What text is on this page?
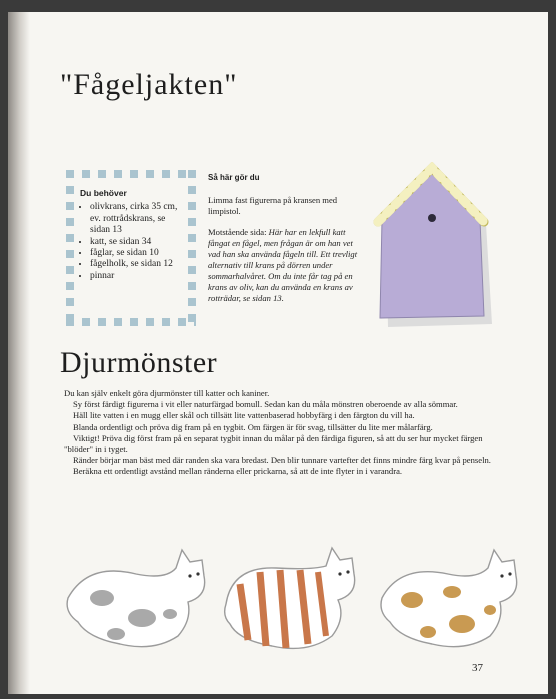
"Fågeljakten"
Du behöver
• olivkrans, cirka 35 cm, ev. rottrådskrans, se sidan 13
• katt, se sidan 34
• fåglar, se sidan 10
• fågelholk, se sidan 12
• pinnar
Så här gör du

Limma fast figurerna på kransen med limpistol.

Motstående sida: Här har en lekfull katt fångat en fågel, men frågan är om han vet vad han ska använda fågeln till. Ett trevligt alternativ till krans på dörren under sommarhalvåret. Om du inte får tag på en krans av oliv, kan du använda en krans av rotträdar, se sidan 13.

Djurmönster

Du kan själv enkelt göra djurmönster till katter och kaniner.

Sy först färdigt figurerna i vit eller naturfärgad bomull. Sedan kan du måla mönstren oberoende av alla sömmar.

Häll lite vatten i en mugg eller skål och tillsätt lite vattenbaserad hobbyfärg i den färgton du vill ha.

Blanda ordentligt och pröva dig fram på en tygbit. Om färgen är för svag, tillsätter du lite mer målarfärg.

Viktigt! Pröva dig först fram på en separat tygbit innan du målar på den färdiga figuren, så att du ser hur mycket färgen "blöder" in i tyget.

Ränder börjar man bäst med där randen ska vara bredast. Den blir tunnare vartefter det finns mindre färg kvar på penseln.

Beräkna ett ordentligt avstånd mellan ränderna eller prickarna, så att de inte flyter in i varandra.

37
